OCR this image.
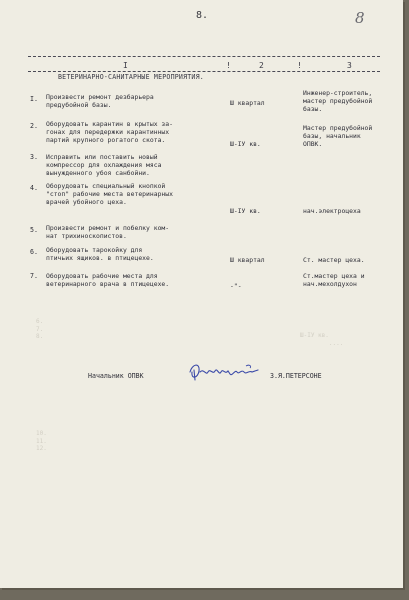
8.	8
I	!	2	!	3
ВЕТЕРИНАРНО-САНИТАРНЫЕ МЕРОПРИЯТИЯ.
I. Произвести ремонт дезбарьера
предубойной базы.	Ш квартал
Инженер-строитель,
мастер предубойной
базы.
2. Оборудовать карантин в крытых за-
гонах для передержки карантинных
партий крупного рогатого скота.	Ш-IУ кв.
Мастер предубойной
базы, начальник
ОПВК.
3. Исправить или поставить новый
компрессор для охлаждения мяса
вынужденного убоя санбойни.
4. Оборудовать специальный кнопкой
"стоп" рабочие места ветеринарных
врачей убойного цеха.
Ш-IУ кв.	нач.электроцеха
5. Произвести ремонт и побелку ком-
нат трихиноскопистов.
6. Оборудовать тарокойку для
птичьих ящиков. в птицецехе.	Ш квартал	Ст. мастер цеха.
7. Оборудовать рабочие места для
ветеринарного врача в птицецехе.	-"-
Ст.мастер цеха и
нач.мехолдухон
6.
7.
8.	Ш-IУ кв.
....
10.
11.
12.
Начальник ОПВК	З.Я.ПЕТЕРСОНЕ
